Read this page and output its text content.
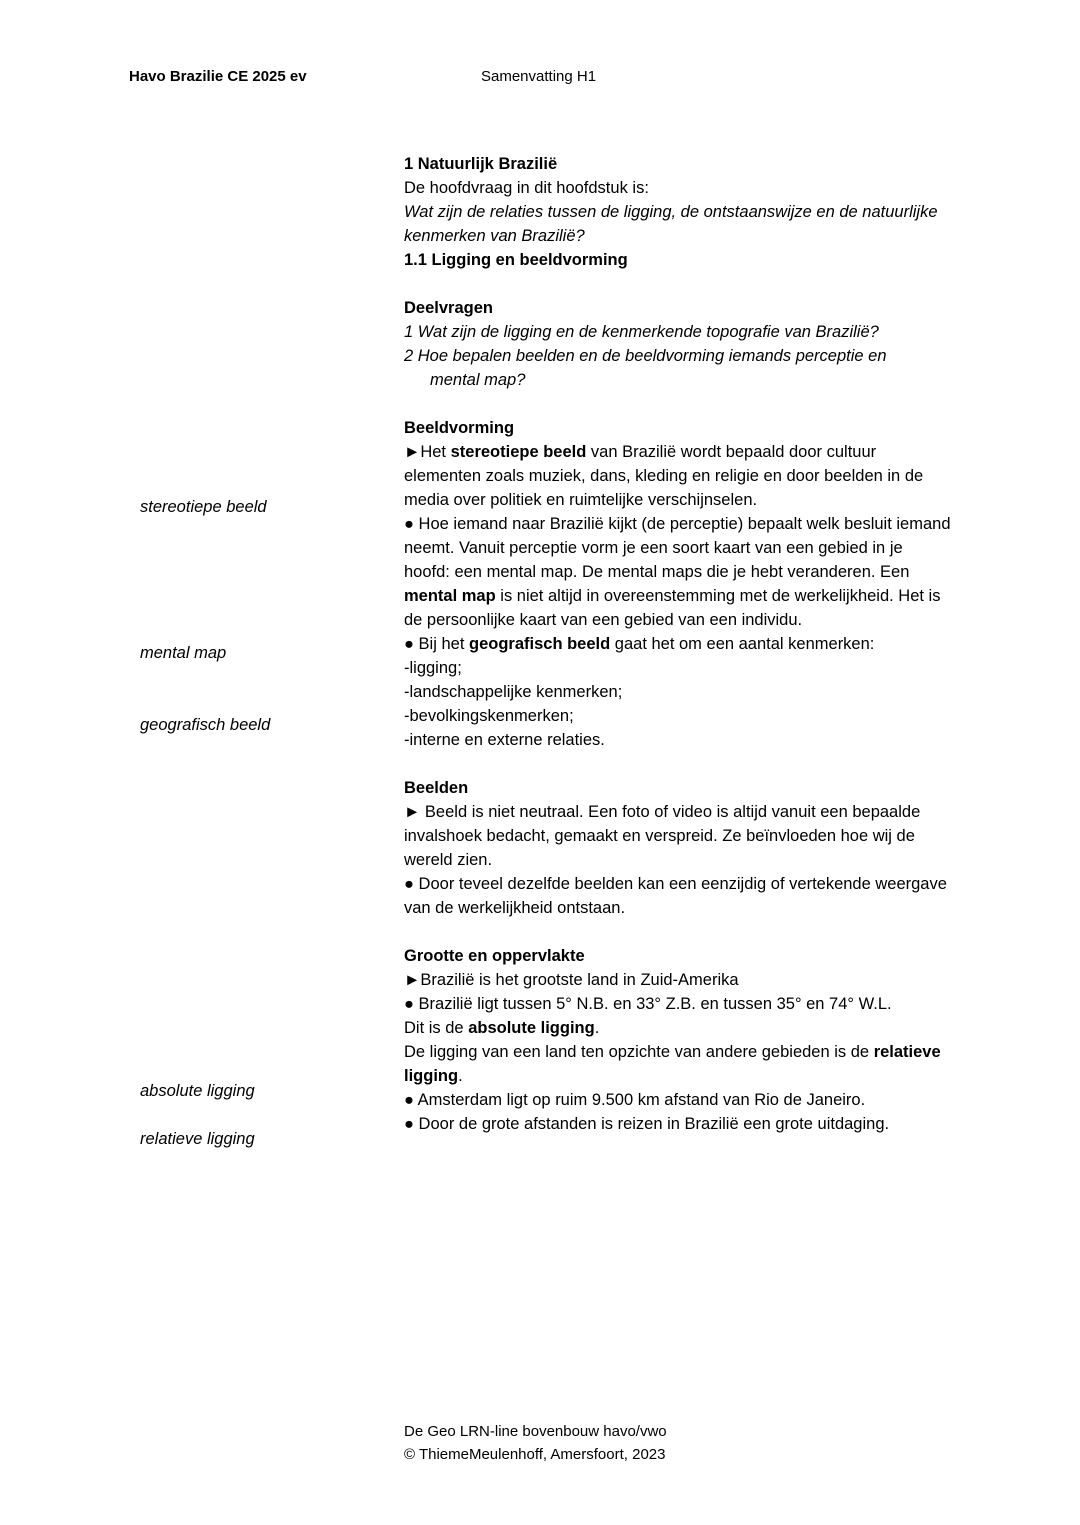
Havo Brazilie CE 2025 ev	Samenvatting H1
stereotiepe beeld
mental map
geografisch beeld
absolute ligging
relatieve ligging

1 Natuurlijk Brazilië

De hoofdvraag in dit hoofdstuk is:

Wat zijn de relaties tussen de ligging, de ontstaanswijze en de natuurlijke kenmerken van Brazilië?

1.1 Ligging en beeldvorming

Deelvragen

1 Wat zijn de ligging en de kenmerkende topografie van Brazilië?

2 Hoe bepalen beelden en de beeldvorming iemands perceptie en

mental map?

Beeldvorming

►Het stereotiepe beeld van Brazilië wordt bepaald door cultuur elementen zoals muziek, dans, kleding en religie en door beelden in de media over politiek en ruimtelijke verschijnselen.

● Hoe iemand naar Brazilië kijkt (de perceptie) bepaalt welk besluit iemand neemt. Vanuit perceptie vorm je een soort kaart van een gebied in je hoofd: een mental map. De mental maps die je hebt veranderen. Een mental map is niet altijd in overeenstemming met de werkelijkheid. Het is de persoonlijke kaart van een gebied van een individu.

● Bij het geografisch beeld gaat het om een aantal kenmerken:

-ligging;

-landschappelijke kenmerken;

-bevolkingskenmerken;

-interne en externe relaties.

Beelden

► Beeld is niet neutraal. Een foto of video is altijd vanuit een bepaalde invalshoek bedacht, gemaakt en verspreid. Ze beïnvloeden hoe wij de wereld zien.

● Door teveel dezelfde beelden kan een eenzijdig of vertekende weergave van de werkelijkheid ontstaan.

Grootte en oppervlakte

►Brazilië is het grootste land in Zuid-Amerika

● Brazilië ligt tussen 5° N.B. en 33° Z.B. en tussen 35° en 74° W.L.

Dit is de absolute ligging.

De ligging van een land ten opzichte van andere gebieden is de relatieve ligging.

● Amsterdam ligt op ruim 9.500 km afstand van Rio de Janeiro.

● Door de grote afstanden is reizen in Brazilië een grote uitdaging.

De Geo LRN-line bovenbouw havo/vwo

© ThiemeMeulenhoff, Amersfoort, 2023
